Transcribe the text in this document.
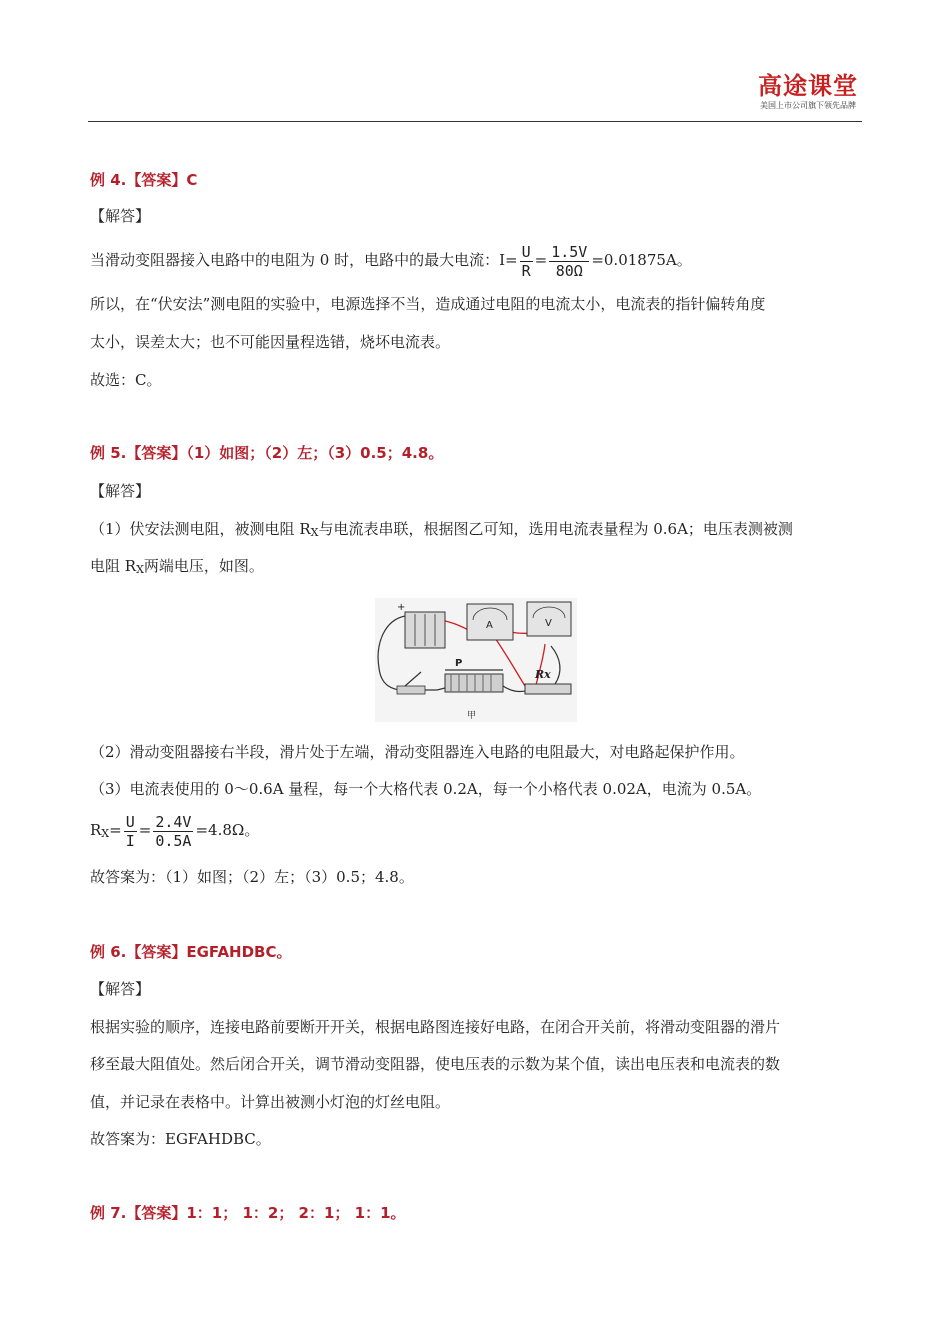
高途课堂
美国上市公司旗下领先品牌
例 4.【答案】C
【解答】
当滑动变阻器接入电路中的电阻为 0 时，电路中的最大电流：$I= \frac{U}{R} = \frac{1.5V}{80\Omega} =0.01875A$。
所以，在“伏安法”测电阻的实验中，电源选择不当，造成通过电阻的电流太小，电流表的指针偏转角度
太小，误差太大；也不可能因量程选错，烧坏电流表。
故选：C。
例 5.【答案】（1）如图；（2）左；（3）0.5；4.8。
【解答】
（1）伏安法测电阻，被测电阻 RX与电流表串联，根据图乙可知，选用电流表量程为 0.6A；电压表测被测
电阻 RX两端电压，如图。
+
A	V
P
Rx
甲
（2）滑动变阻器接右半段，滑片处于左端，滑动变阻器连入电路的电阻最大，对电路起保护作用。
（3）电流表使用的 0～0.6A 量程，每一个大格代表 0.2A，每一个小格代表 0.02A，电流为 0.5A。
$RX= \frac{U}{I} = \frac{2.4V}{0.5A} =4.8\Omega$。
故答案为：（1）如图；（2）左；（3）0.5；4.8。
例 6.【答案】EGFAHDBC。
【解答】
根据实验的顺序，连接电路前要断开开关，根据电路图连接好电路，在闭合开关前，将滑动变阻器的滑片
移至最大阻值处。然后闭合开关，调节滑动变阻器，使电压表的示数为某个值，读出电压表和电流表的数
值，并记录在表格中。计算出被测小灯泡的灯丝电阻。
故答案为：EGFAHDBC。
例 7.【答案】1：1； 1：2； 2：1； 1：1。
